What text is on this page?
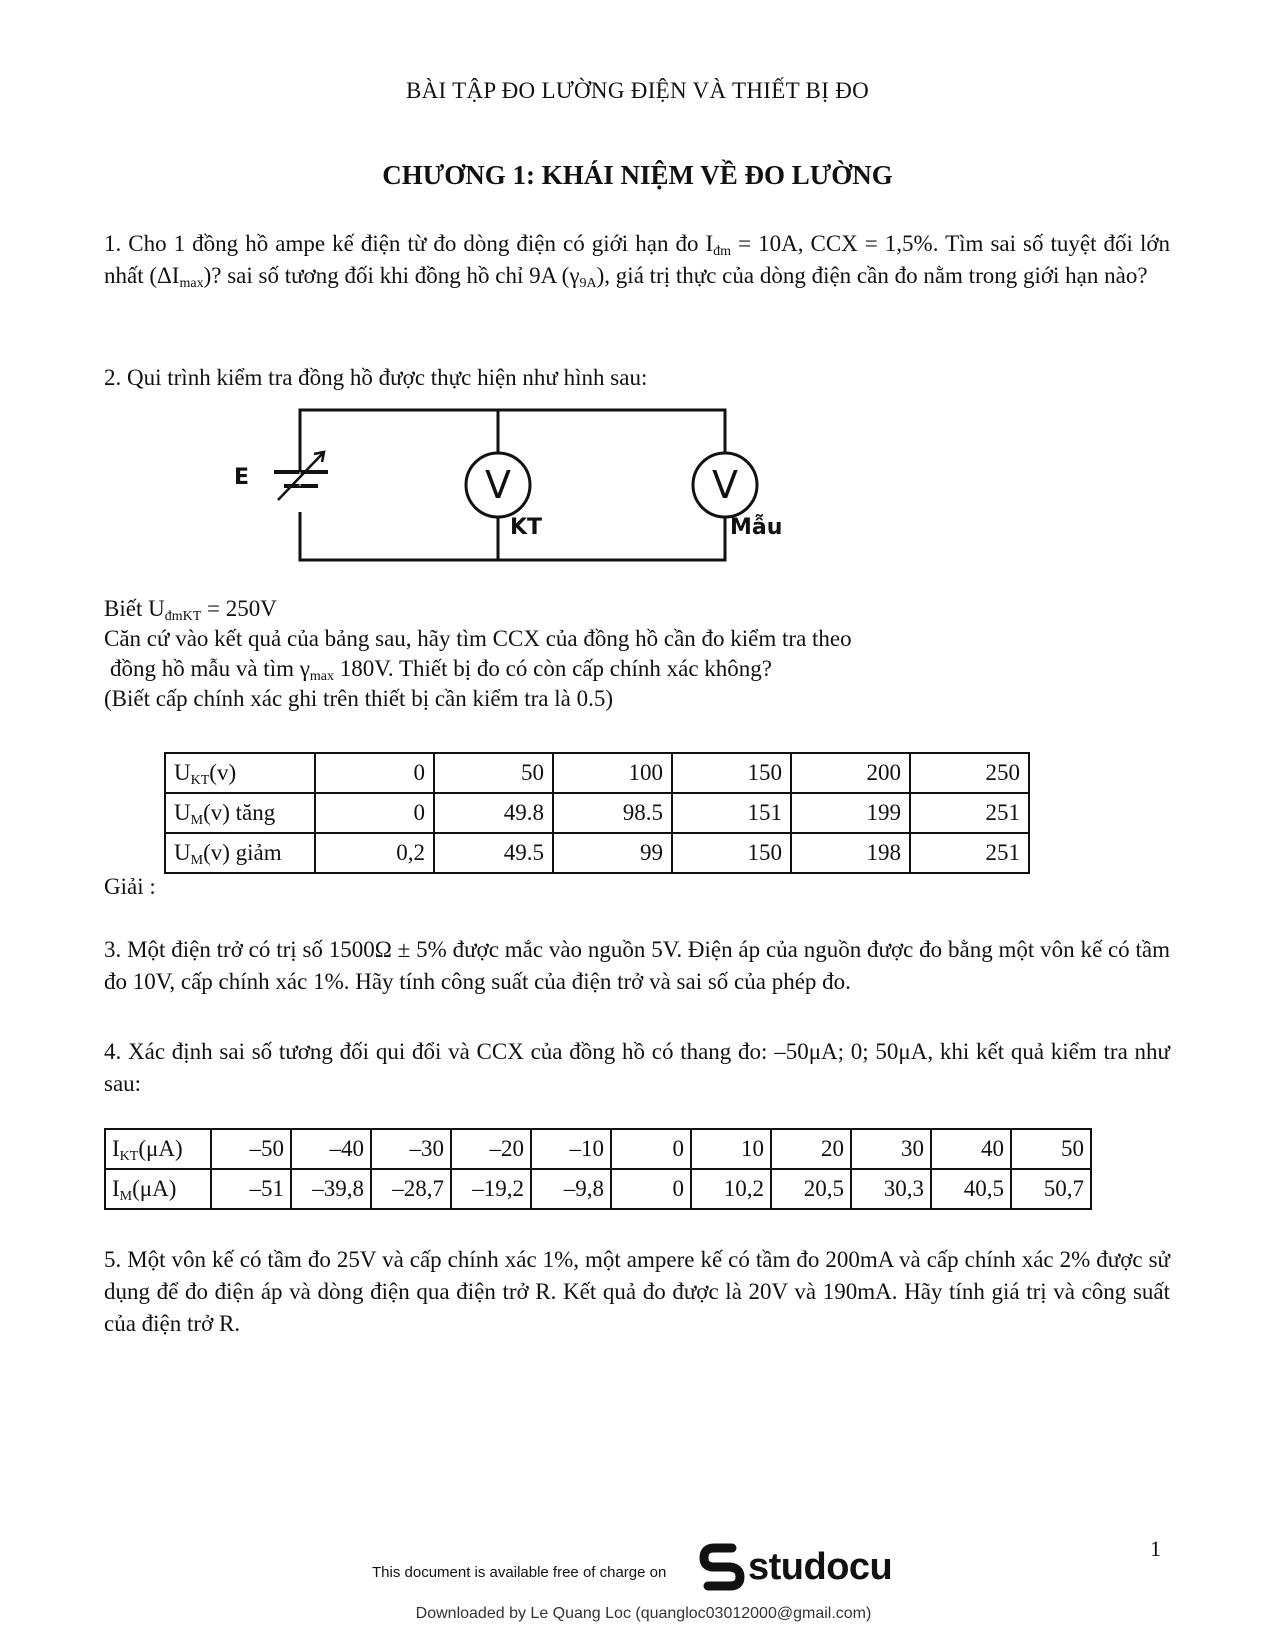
BÀI TẬP ĐO LƯỜNG ĐIỆN VÀ THIẾT BỊ ĐO
CHƯƠNG 1: KHÁI NIỆM VỀ ĐO LƯỜNG
1. Cho 1 đồng hồ ampe kế điện từ đo dòng điện có giới hạn đo $I_{đm} = 10A$, CCX = 1,5%. Tìm sai số tuyệt đối lớn nhất $(\Delta I_{max})$? sai số tương đối khi đồng hồ chỉ 9A $(\gamma_{9A})$, giá trị thực của dòng điện cần đo nằm trong giới hạn nào?
2. Qui trình kiểm tra đồng hồ được thực hiện như hình sau:
E	V	V
KT	Mẫu
Biết $U_{đmKT} = 250V$
Căn cứ vào kết quả của bảng sau, hãy tìm CCX của đồng hồ cần đo kiểm tra theo
đồng hồ mẫu và tìm $\gamma_{max}$ 180V. Thiết bị đo có còn cấp chính xác không?
(Biết cấp chính xác ghi trên thiết bị cần kiểm tra là 0.5)
$U_{KT}(v)$	0	50	100	150	200	250
$U_M(v)$ tăng	0	49.8	98.5	151	199	251
$U_M(v)$ giảm	0,2	49.5	99	150	198	251
Giải :
3. Một điện trở có trị số 1500Ω ± 5% được mắc vào nguồn 5V. Điện áp của nguồn được đo bằng một vôn kế có tầm đo 10V, cấp chính xác 1%. Hãy tính công suất của điện trở và sai số của phép đo.
4. Xác định sai số tương đối qui đổi và CCX của đồng hồ có thang đo: –50μA; 0; 50μA, khi kết quả kiểm tra như sau:
$I_{KT}(\mu A)$	–50	–40	–30	–20	–10	0	10	20	30	40	50
$I_M(\mu A)$	–51	–39,8	–28,7	–19,2	–9,8	0	10,2	20,5	30,3	40,5	50,7
5. Một vôn kế có tầm đo 25V và cấp chính xác 1%, một ampere kế có tầm đo 200mA và cấp chính xác 2% được sử dụng để đo điện áp và dòng điện qua điện trở R. Kết quả đo được là 20V và 190mA. Hãy tính giá trị và công suất của điện trở R.
1
This document is available free of charge on studocu
Downloaded by Le Quang Loc (quangloc03012000@gmail.com)
